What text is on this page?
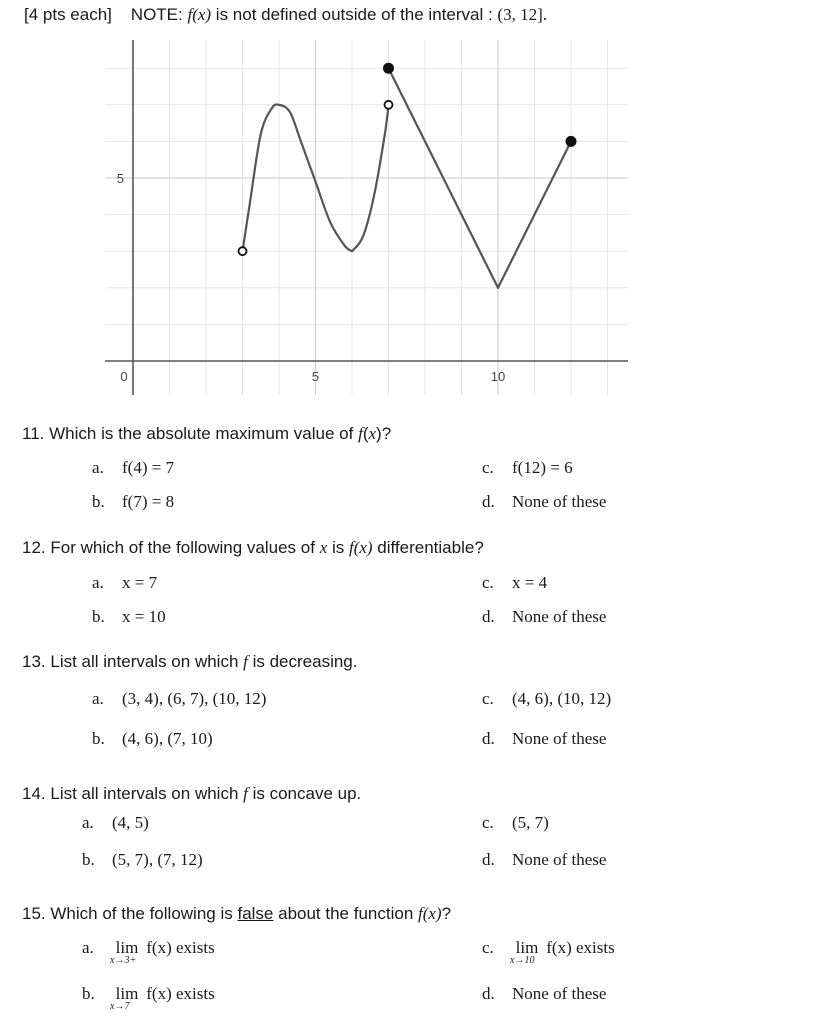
[4 pts each] NOTE: f(x) is not defined outside of the interval : (3, 12].
0	5	10
5
11. Which is the absolute maximum value of f(x)?
a. f(4) = 7
b. f(7) = 8
c. f(12) = 6
d. None of these
12. For which of the following values of x is f(x) differentiable?
a. x = 7
b. x = 10
c. x = 4
d. None of these
13. List all intervals on which f is decreasing.
a. (3, 4), (6, 7), (10, 12)
b. (4, 6), (7, 10)
c. (4, 6), (10, 12)
d. None of these
14. List all intervals on which f is concave up.
a. (4, 5)
b. (5, 7), (7, 12)
c. (5, 7)
d. None of these
15. Which of the following is false about the function f(x)?
a. lim
x→3+
f(x) exists
b. lim
x→7
f(x) exists
c. lim
x→10
f(x) exists
d. None of these
